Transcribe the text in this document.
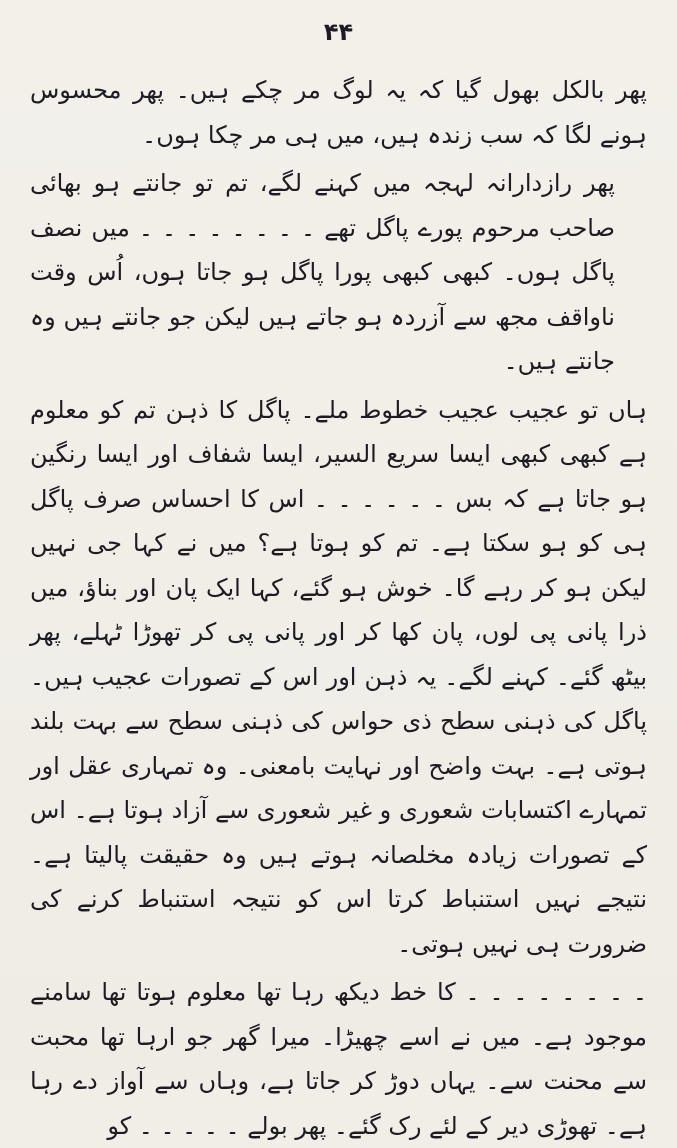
۴۴

پھر بالکل بھول گیا کہ یہ لوگ مر چکے ہیں۔ پھر محسوس ہونے لگا کہ سب زندہ ہیں، میں ہی مر چکا ہوں۔

پھر رازدارانہ لہجہ میں کہنے لگے، تم تو جانتے ہو بھائی صاحب مرحوم پورے پاگل تھے ۔ ۔ ۔ ۔ ۔ ۔ ۔ ۔ میں نصف پاگل ہوں۔ کبھی کبھی پورا پاگل ہو جاتا ہوں، اُس وقت ناواقف مجھ سے آزردہ ہو جاتے ہیں لیکن جو جانتے ہیں وہ جانتے ہیں۔

ہاں تو عجیب عجیب خطوط ملے۔ پاگل کا ذہن تم کو معلوم ہے کبھی کبھی ایسا سریع السیر، ایسا شفاف اور ایسا رنگین ہو جاتا ہے کہ بس ۔ ۔ ۔ ۔ ۔ ۔ اس کا احساس صرف پاگل ہی کو ہو سکتا ہے۔ تم کو ہوتا ہے؟ میں نے کہا جی نہیں لیکن ہو کر رہے گا۔ خوش ہو گئے، کہا ایک پان اور بناؤ، میں ذرا پانی پی لوں، پان کھا کر اور پانی پی کر تھوڑا ٹہلے، پھر بیٹھ گئے۔ کہنے لگے۔ یہ ذہن اور اس کے تصورات عجیب ہیں۔ پاگل کی ذہنی سطح ذی حواس کی ذہنی سطح سے بہت بلند ہوتی ہے۔ بہت واضح اور نہایت بامعنی۔ وہ تمہاری عقل اور تمہارے اکتسابات شعوری و غیر شعوری سے آزاد ہوتا ہے۔ اس کے تصورات زیادہ مخلصانہ ہوتے ہیں وہ حقیقت پالیتا ہے۔ نتیجے نہیں استنباط کرتا اس کو نتیجہ استنباط کرنے کی ضرورت ہی نہیں ہوتی۔

۔ ۔ ۔ ۔ ۔ ۔ ۔ ۔ کا خط دیکھ رہا تھا معلوم ہوتا تھا سامنے موجود ہے۔ میں نے اسے چھیڑا۔ میرا گھر جو ارہا تھا محبت سے محنت سے۔ یہاں دوڑ کر جاتا ہے، وہاں سے آواز دے رہا ہے۔ تھوڑی دیر کے لئے رک گئے۔ پھر بولے ۔ ۔ ۔ ۔ ۔ کو
